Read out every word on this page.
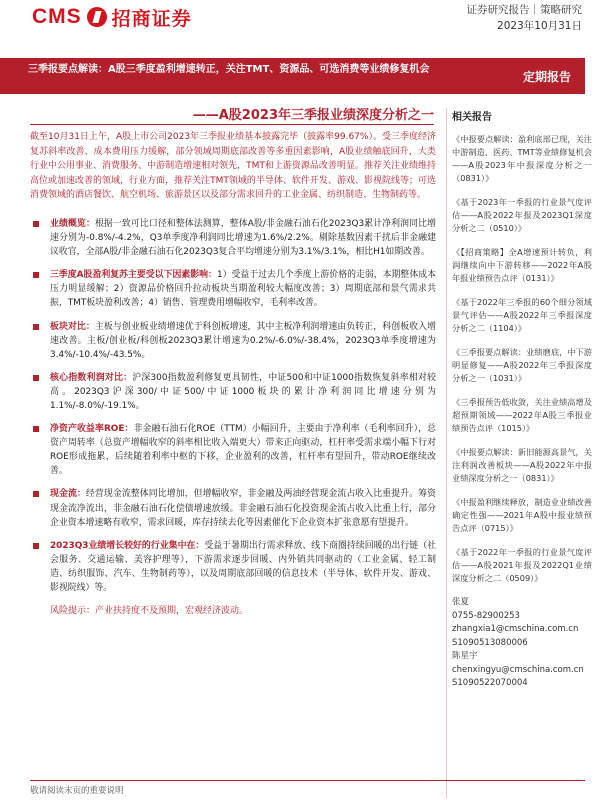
CMS 招商证券	证券研究报告｜策略研究
2023年10月31日
三季报要点解读：A股三季度盈利增速转正，关注TMT、资源品、可选消费等业绩修复机会
定期报告
——A股2023年三季报业绩深度分析之一

截至10月31日上午，A股上市公司2023年三季报业绩基本披露完毕（披露率99.67%）。受三季度经济复苏斜率改善、成本费用压力缓解，部分领域周期底部改善等多重因素影响，A股业绩触底回升，大类行业中公用事业、消费服务、中游制造增速相对领先，TMT和上游资源品改善明显。推荐关注业绩维持高位或加速改善的领域，行业方面，推荐关注TMT领域的半导体、软件开发、游戏、影视院线等；可选消费领域的酒店餐饮、航空机场、旅游景区以及部分需求回升的工业金属、纺织制造、生物制药等。

业绩概览：根据一致可比口径和整体法测算，整体A股/非金融石油石化2023Q3累计净利润同比增速分别为-0.8%/-4.2%，Q3单季度净利润同比增速为1.6%/2.2%。剔除基数因素干扰后非金融建议收官，全部A股/非金融石油石化2023Q3复合平均增速分别为3.1%/3.1%，相比H1如期改善。
三季度A股盈利复苏主要受以下因素影响：1）受益于过去几个季度上游价格的走弱，本期整体成本压力明显缓解；2）资源品价格回升拉动板块当期盈利较大幅度改善；3）周期底部和景气需求共振，TMT板块盈利改善；4）销售、管理费用增幅收窄，毛利率改善。
板块对比：主板与创业板业绩增速优于科创板增速，其中主板净利润增速由负转正，科创板收入增速改善。主板/创业板/科创板2023Q3累计增速为0.2%/-6.0%/-38.4%，2023Q3单季度增速为3.4%/-10.4%/-43.5%。
核心指数利润对比：沪深300指数盈利修复更具韧性，中证500和中证1000指数恢复斜率相对较高。2023Q3沪深300/中证500/中证1000板块的累计净利润同比增速分别为1.1%/-8.0%/-19.1%。
净资产收益率ROE：非金融石油石化ROE（TTM）小幅回升，主要由于净利率（毛利率回升），总资产周转率（总资产增幅收窄的斜率相比收入端更大）带来正向驱动，杠杆率受需求端小幅下行对ROE形成拖累，后续随着利率中枢的下移，企业盈利的改善，杠杆率有望回升，带动ROE继续改善。
现金流：经营现金流整体同比增加，但增幅收窄，非金融及两油经营现金流占收入比重提升。筹资现金流净流出，非金融石油石化偿债增速放缓。非金融石油石化投资现金流占收入比重上行，部分企业资本增速略有收窄，需求回暖，库存持续去化等因素催化下企业资本扩张意愿有望提升。
2023Q3业绩增长较好的行业集中在：受益于暑期出行需求释放、线下商圈持续回暖的出行链（社会服务、交通运输、美容护理等），下游需求逐步回暖、内外销共同驱动的（工业金属、轻工制造、纺织服饰、汽车、生物制药等），以及周期底部回暖的信息技术（半导体、软件开发、游戏、影视院线）等。
风险提示：产业扶持度不及预期，宏观经济波动。
相关报告
《中报要点解读：盈利底部已现，关注中游制造、医药、TMT等业绩修复机会——A股2023年中报深度分析之一（0831）》
《基于2023年一季报的行业景气度评估——A股2022年报及2023Q1深度分析之二（0510）》
《【招商策略】全A增速预计转负，利润继续向中下游转移——2022年A股年报业绩预告点评（0131）》
《基于2022年三季报的60个细分领域景气评估——A股2022年三季报深度分析之二（1104）》
《三季报要点解读：业绩磨底，中下游明显修复——A股2022年三季报深度分析之一（1031）》
《三季报预告低收敛，关注业绩高增及超预期领域——2022年A股三季报业绩预告点评（1015）》
《中报要点解读：新旧能源高景气，关注利润改善板块——A股2022年中报业绩深度分析之一（0831）》
《中报盈利继续释放，制造业业绩改善确定性强——2021年A股中报业绩预告点评（0715）》
《基于2022年一季报的行业景气度评估——A股2021年报及2022Q1业绩深度分析之二（0509）》
张夏
0755-82900253
zhangxia1@cmschina.com.cn
S1090513080006
陈星宇
chenxingyu@cmschina.com.cn
S1090522070004
敬请阅读末页的重要说明
